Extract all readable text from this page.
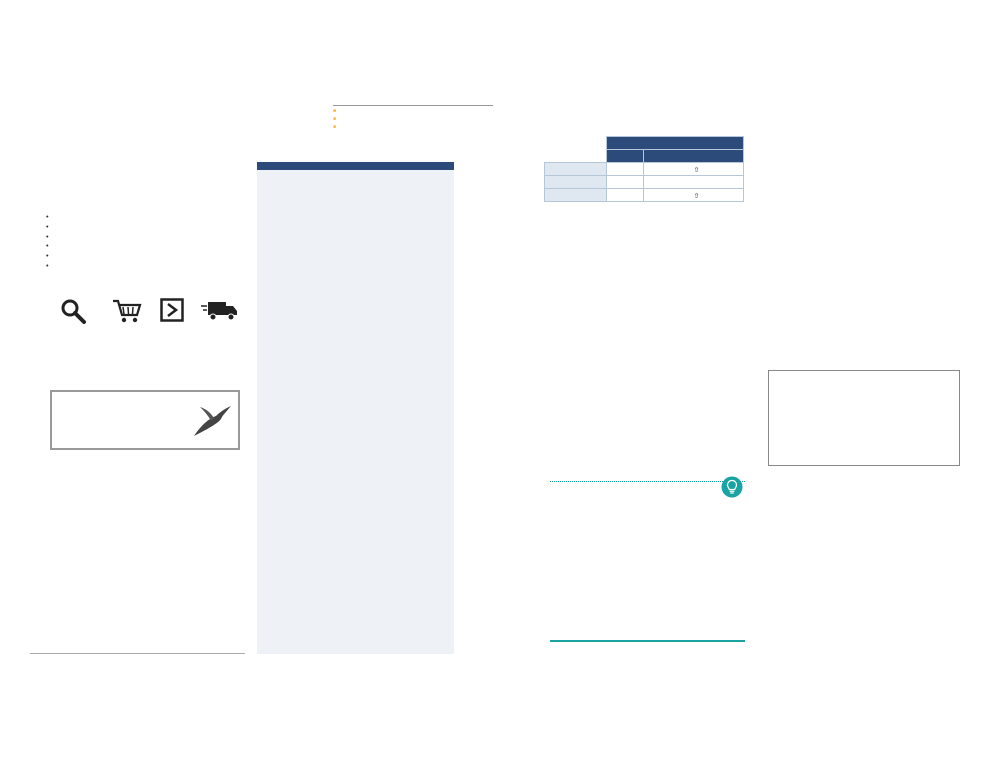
■
■
■
•
•
•
•
•
•

		⇧

		⇧
